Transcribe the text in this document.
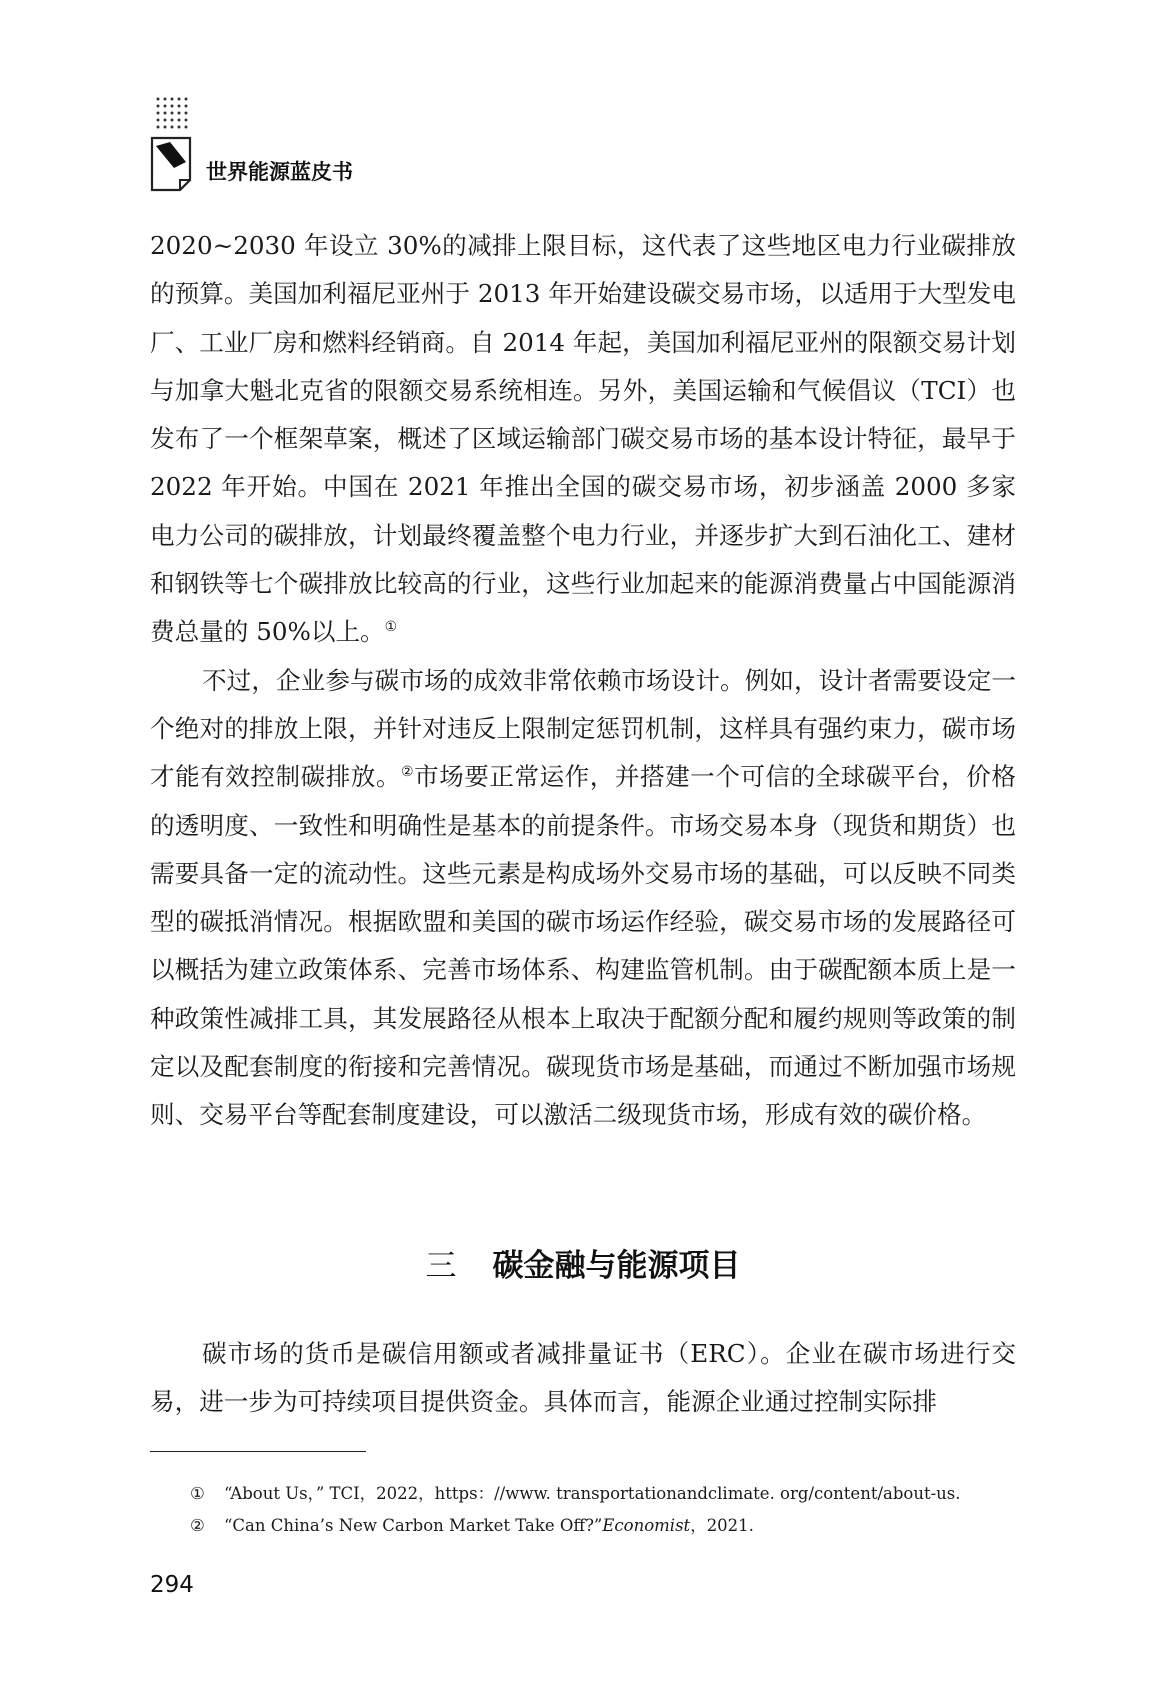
世界能源蓝皮书

2020~2030 年设立 30%的减排上限目标，这代表了这些地区电力行业碳排放的预算。美国加利福尼亚州于 2013 年开始建设碳交易市场，以适用于大型发电厂、工业厂房和燃料经销商。自 2014 年起，美国加利福尼亚州的限额交易计划与加拿大魁北克省的限额交易系统相连。另外，美国运输和气候倡议（TCI）也发布了一个框架草案，概述了区域运输部门碳交易市场的基本设计特征，最早于 2022 年开始。中国在 2021 年推出全国的碳交易市场，初步涵盖 2000 多家电力公司的碳排放，计划最终覆盖整个电力行业，并逐步扩大到石油化工、建材和钢铁等七个碳排放比较高的行业，这些行业加起来的能源消费量占中国能源消费总量的 50%以上。①

不过，企业参与碳市场的成效非常依赖市场设计。例如，设计者需要设定一个绝对的排放上限，并针对违反上限制定惩罚机制，这样具有强约束力，碳市场才能有效控制碳排放。②市场要正常运作，并搭建一个可信的全球碳平台，价格的透明度、一致性和明确性是基本的前提条件。市场交易本身（现货和期货）也需要具备一定的流动性。这些元素是构成场外交易市场的基础，可以反映不同类型的碳抵消情况。根据欧盟和美国的碳市场运作经验，碳交易市场的发展路径可以概括为建立政策体系、完善市场体系、构建监管机制。由于碳配额本质上是一种政策性减排工具，其发展路径从根本上取决于配额分配和履约规则等政策的制定以及配套制度的衔接和完善情况。碳现货市场是基础，而通过不断加强市场规则、交易平台等配套制度建设，可以激活二级现货市场，形成有效的碳价格。

三 碳金融与能源项目

碳市场的货币是碳信用额或者减排量证书（ERC）。企业在碳市场进行交易，进一步为可持续项目提供资金。具体而言，能源企业通过控制实际排

① “About Us，” TCI，2022，https：//www. transportationandclimate. org/content/about-us.
② “Can China’s New Carbon Market Take Off?”Economist，2021.
294
